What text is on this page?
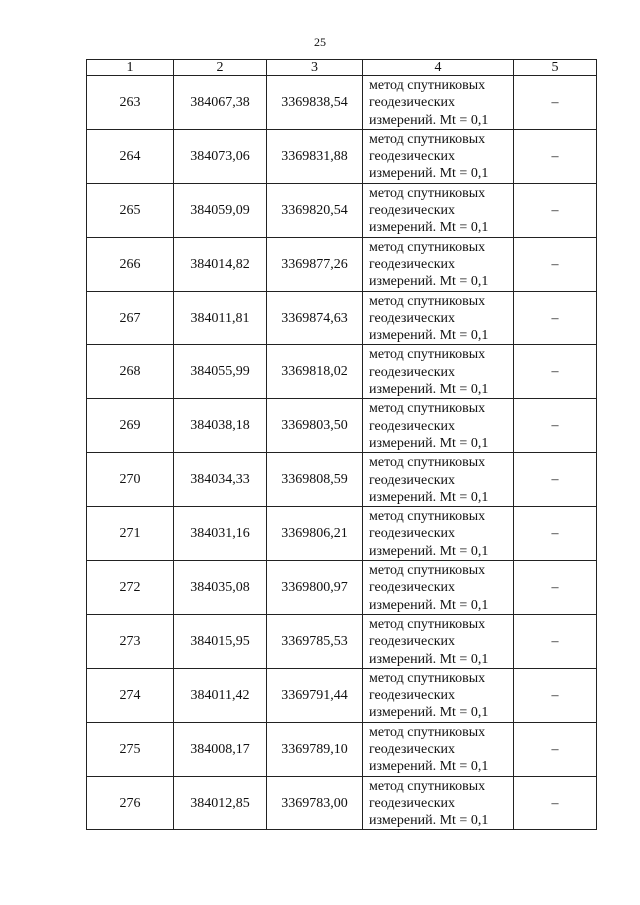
25
1	2	3	4	5
263	384067,38	3369838,54	метод спутниковых
геодезических
измерений. Mt = 0,1	–
264	384073,06	3369831,88	метод спутниковых
геодезических
измерений. Mt = 0,1	–
265	384059,09	3369820,54	метод спутниковых
геодезических
измерений. Mt = 0,1	–
266	384014,82	3369877,26	метод спутниковых
геодезических
измерений. Mt = 0,1	–
267	384011,81	3369874,63	метод спутниковых
геодезических
измерений. Mt = 0,1	–
268	384055,99	3369818,02	метод спутниковых
геодезических
измерений. Mt = 0,1	–
269	384038,18	3369803,50	метод спутниковых
геодезических
измерений. Mt = 0,1	–
270	384034,33	3369808,59	метод спутниковых
геодезических
измерений. Mt = 0,1	–
271	384031,16	3369806,21	метод спутниковых
геодезических
измерений. Mt = 0,1	–
272	384035,08	3369800,97	метод спутниковых
геодезических
измерений. Mt = 0,1	–
273	384015,95	3369785,53	метод спутниковых
геодезических
измерений. Mt = 0,1	–
274	384011,42	3369791,44	метод спутниковых
геодезических
измерений. Mt = 0,1	–
275	384008,17	3369789,10	метод спутниковых
геодезических
измерений. Mt = 0,1	–
276	384012,85	3369783,00	метод спутниковых
геодезических
измерений. Mt = 0,1	–
